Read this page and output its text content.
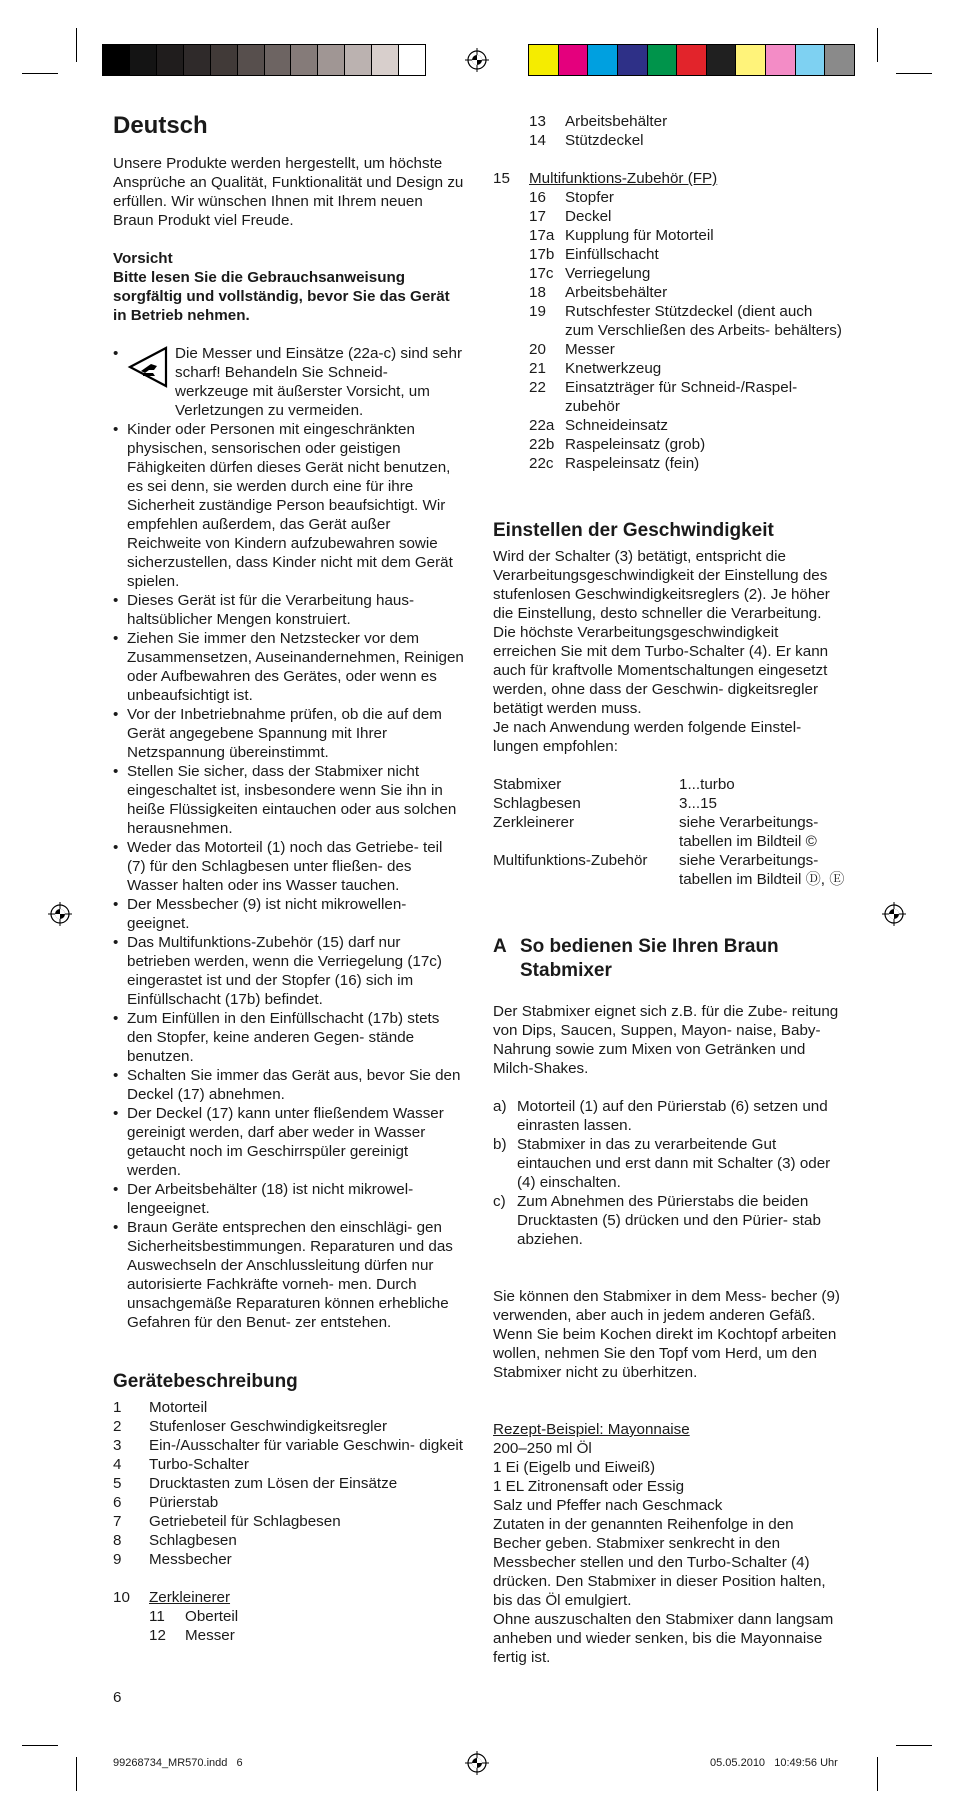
Deutsch

Unsere Produkte werden hergestellt, um höchste Ansprüche an Qualität, Funktionalität und Design zu erfüllen. Wir wünschen Ihnen mit Ihrem neuen Braun Produkt viel Freude.

Vorsicht

Bitte lesen Sie die Gebrauchsanweisung sorgfältig und vollständig, bevor Sie das Gerät in Betrieb nehmen.

• Die Messer und Einsätze (22a-c) sind sehr scharf! Behandeln Sie Schneid- werkzeuge mit äußerster Vorsicht, um Verletzungen zu vermeiden.
• Kinder oder Personen mit eingeschränkten physischen, sensorischen oder geistigen Fähigkeiten dürfen dieses Gerät nicht benutzen, es sei denn, sie werden durch eine für ihre Sicherheit zuständige Person beaufsichtigt. Wir empfehlen außerdem, das Gerät außer Reichweite von Kindern aufzubewahren sowie sicherzustellen, dass Kinder nicht mit dem Gerät spielen.
• Dieses Gerät ist für die Verarbeitung haus- haltsüblicher Mengen konstruiert.
• Ziehen Sie immer den Netzstecker vor dem Zusammensetzen, Auseinandernehmen, Reinigen oder Aufbewahren des Gerätes, oder wenn es unbeaufsichtigt ist.
• Vor der Inbetriebnahme prüfen, ob die auf dem Gerät angegebene Spannung mit Ihrer Netzspannung übereinstimmt.
• Stellen Sie sicher, dass der Stabmixer nicht eingeschaltet ist, insbesondere wenn Sie ihn in heiße Flüssigkeiten eintauchen oder aus solchen herausnehmen.
• Weder das Motorteil (1) noch das Getriebe- teil (7) für den Schlagbesen unter fließen- des Wasser halten oder ins Wasser tauchen.
• Der Messbecher (9) ist nicht mikrowellen- geeignet.
• Das Multifunktions-Zubehör (15) darf nur betrieben werden, wenn die Verriegelung (17c) eingerastet ist und der Stopfer (16) sich im Einfüllschacht (17b) befindet.
• Zum Einfüllen in den Einfüllschacht (17b) stets den Stopfer, keine anderen Gegen- stände benutzen.
• Schalten Sie immer das Gerät aus, bevor Sie den Deckel (17) abnehmen.
• Der Deckel (17) kann unter fließendem Wasser gereinigt werden, darf aber weder in Wasser getaucht noch im Geschirrspüler gereinigt werden.
• Der Arbeitsbehälter (18) ist nicht mikrowel- lengeeignet.
• Braun Geräte entsprechen den einschlägi- gen Sicherheitsbestimmungen. Reparaturen und das Auswechseln der Anschlussleitung dürfen nur autorisierte Fachkräfte vorneh- men. Durch unsachgemäße Reparaturen können erhebliche Gefahren für den Benut- zer entstehen.
Gerätebeschreibung
1	Motorteil
2	Stufenloser Geschwindigkeitsregler
3	Ein-/Ausschalter für variable Geschwin- digkeit
4	Turbo-Schalter
5	Drucktasten zum Lösen der Einsätze
6	Pürierstab
7	Getriebeteil für Schlagbesen
8	Schlagbesen
9	Messbecher
10	Zerkleinerer
11	Oberteil
12	Messer
6
13	Arbeitsbehälter
14	Stützdeckel
15	Multifunktions-Zubehör (FP)
16	Stopfer
17	Deckel
17a Kupplung für Motorteil
17b Einfüllschacht
17c Verriegelung
18	Arbeitsbehälter
19	Rutschfester Stützdeckel (dient auch zum Verschließen des Arbeits- behälters)
20	Messer
21	Knetwerkzeug
22	Einsatzträger für Schneid-/Raspel- zubehör
22a Schneideinsatz
22b Raspeleinsatz (grob)
22c Raspeleinsatz (fein)
Einstellen der Geschwindigkeit

Wird der Schalter (3) betätigt, entspricht die Verarbeitungsgeschwindigkeit der Einstellung des stufenlosen Geschwindigkeitsreglers (2). Je höher die Einstellung, desto schneller die Verarbeitung.

Die höchste Verarbeitungsgeschwindigkeit erreichen Sie mit dem Turbo-Schalter (4). Er kann auch für kraftvolle Momentschaltungen eingesetzt werden, ohne dass der Geschwin- digkeitsregler betätigt werden muss.

Je nach Anwendung werden folgende Einstel- lungen empfohlen:

Stabmixer	1...turbo
Schlagbesen	3...15
Zerkleinerer	siehe Verarbeitungs- tabellen im Bildteil ©
Multifunktions-Zubehör	siehe Verarbeitungs- tabellen im Bildteil Ⓓ, Ⓔ
A So bedienen Sie Ihren Braun Stabmixer

Der Stabmixer eignet sich z.B. für die Zube- reitung von Dips, Saucen, Suppen, Mayon- naise, Baby-Nahrung sowie zum Mixen von Getränken und Milch-Shakes.

a) Motorteil (1) auf den Pürierstab (6) setzen und einrasten lassen.
b) Stabmixer in das zu verarbeitende Gut eintauchen und erst dann mit Schalter (3) oder (4) einschalten.
c) Zum Abnehmen des Pürierstabs die beiden Drucktasten (5) drücken und den Pürier- stab abziehen.

Sie können den Stabmixer in dem Mess- becher (9) verwenden, aber auch in jedem anderen Gefäß. Wenn Sie beim Kochen direkt im Kochtopf arbeiten wollen, nehmen Sie den Topf vom Herd, um den Stabmixer nicht zu überhitzen.

Rezept-Beispiel: Mayonnaise

200–250 ml Öl

1 Ei (Eigelb und Eiweiß)

1 EL Zitronensaft oder Essig

Salz und Pfeffer nach Geschmack

Zutaten in der genannten Reihenfolge in den Becher geben. Stabmixer senkrecht in den Messbecher stellen und den Turbo-Schalter (4) drücken. Den Stabmixer in dieser Position halten, bis das Öl emulgiert.

Ohne auszuschalten den Stabmixer dann langsam anheben und wieder senken, bis die Mayonnaise fertig ist.

99268734_MR570.indd   6	05.05.2010   10:49:56 Uhr
